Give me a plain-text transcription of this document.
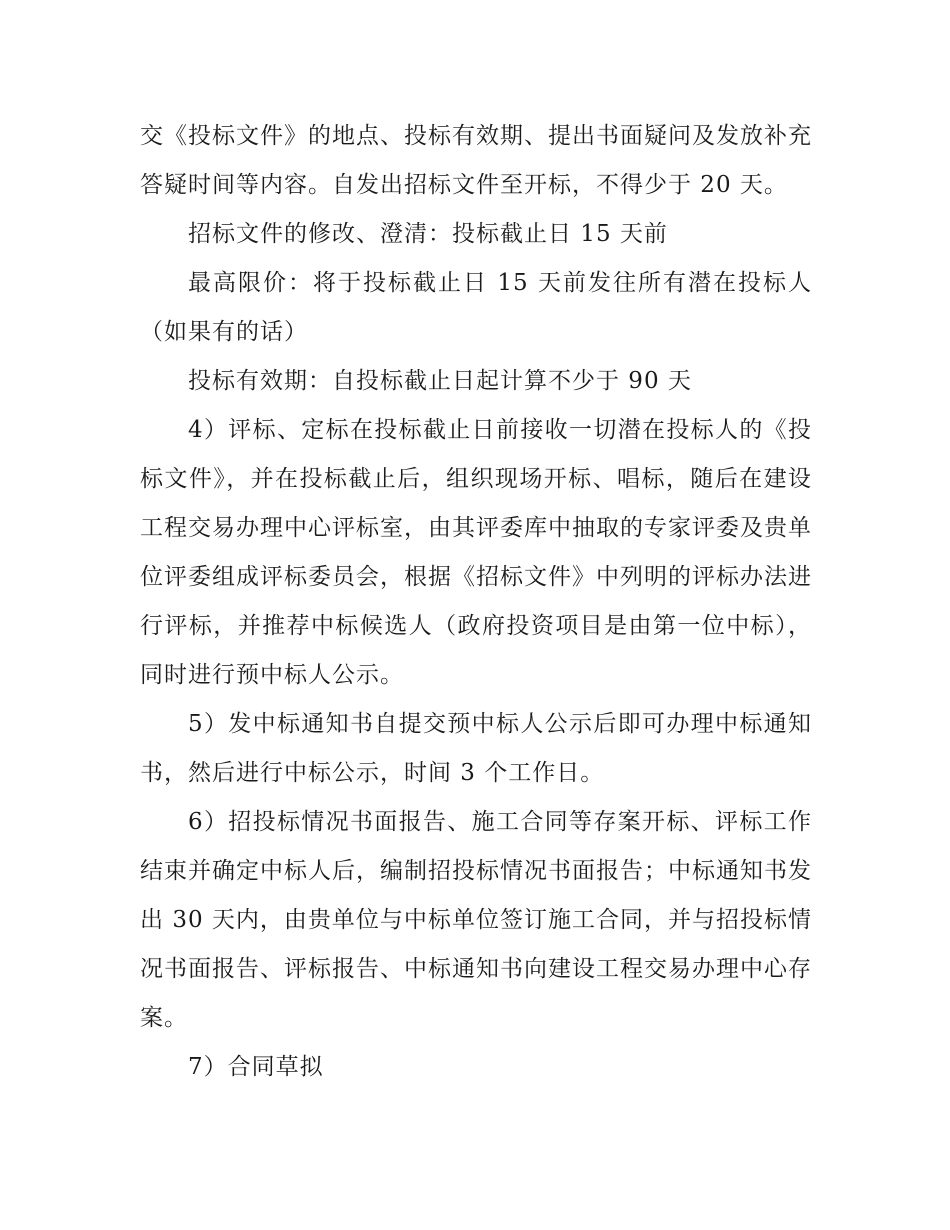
交《投标文件》的地点、投标有效期、提出书面疑问及发放补充答疑时间等内容。自发出招标文件至开标，不得少于 20 天。

招标文件的修改、澄清：投标截止日 15 天前

最高限价：将于投标截止日 15 天前发往所有潜在投标人（如果有的话）

投标有效期：自投标截止日起计算不少于 90 天

4）评标、定标在投标截止日前接收一切潜在投标人的《投标文件》，并在投标截止后，组织现场开标、唱标，随后在建设工程交易办理中心评标室，由其评委库中抽取的专家评委及贵单位评委组成评标委员会，根据《招标文件》中列明的评标办法进行评标，并推荐中标候选人（政府投资项目是由第一位中标），同时进行预中标人公示。

5）发中标通知书自提交预中标人公示后即可办理中标通知书，然后进行中标公示，时间 3 个工作日。

6）招投标情况书面报告、施工合同等存案开标、评标工作结束并确定中标人后，编制招投标情况书面报告；中标通知书发出 30 天内，由贵单位与中标单位签订施工合同，并与招投标情况书面报告、评标报告、中标通知书向建设工程交易办理中心存案。

7）合同草拟
